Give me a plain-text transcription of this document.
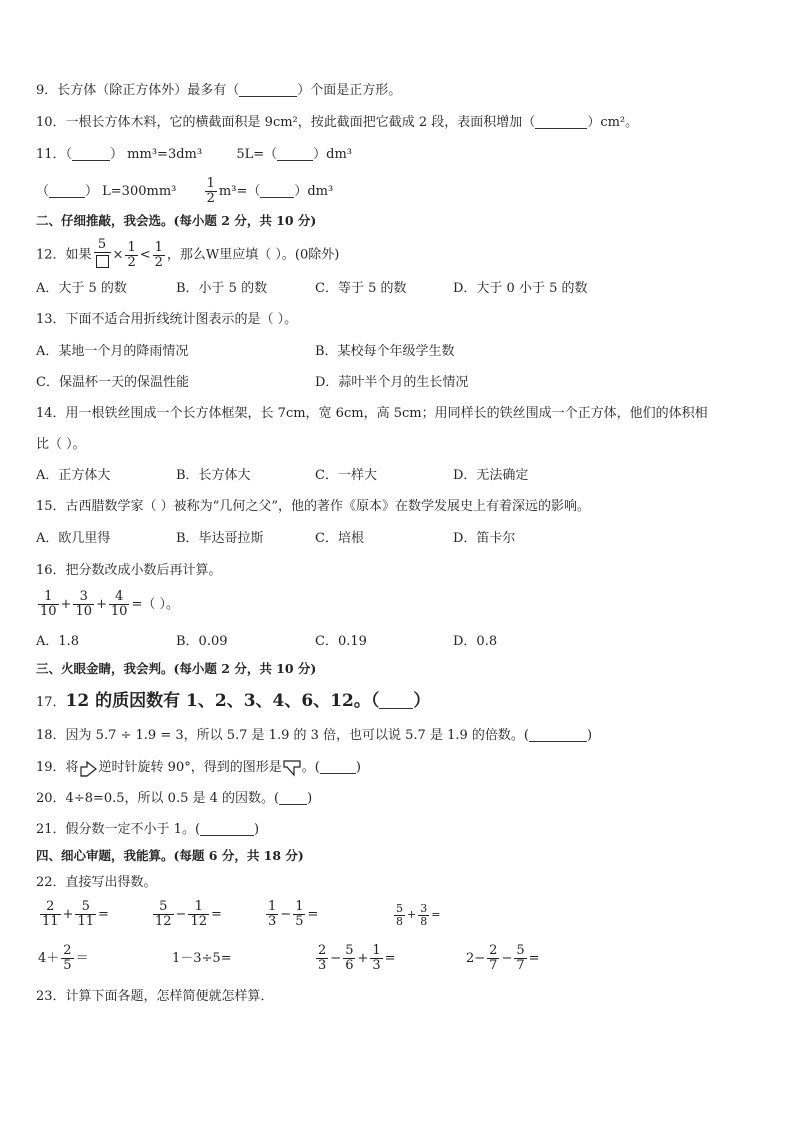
9．长方体（除正方体外）最多有（	）个面是正方形。
10．一根长方体木料，它的横截面积是 9cm²，按此截面把它截成 2 段，表面积增加（	）cm²。
11．（	） mm³=3dm³	5L=（	）dm³
（	） $L=300mm^3 \frac{1}{2} m^3=$（	）dm³
二、仔细推敲，我会选。(每小题 2 分，共 10 分)
12．如果
5
× $\frac{1}{2} < \frac{1}{2}$ ，那么W里应填（ ）。(0除外)
A．大于 5 的数	B．小于 5 的数	C．等于 5 的数	D．大于 0 小于 5 的数
13．下面不适合用折线统计图表示的是（ ）。
A．某地一个月的降雨情况	B．某校每个年级学生数
C．保温杯一天的保温性能	D．蒜叶半个月的生长情况
14．用一根铁丝围成一个长方体框架，长 7cm，宽 6cm，高 5cm；用同样长的铁丝围成一个正方体，他们的体积相
比（ ）。
A．正方体大	B．长方体大	C．一样大	D．无法确定
15．古西腊数学家（ ）被称为“几何之父”，他的著作《原本》在数学发展史上有着深远的影响。
A．欧几里得	B．毕达哥拉斯	C．培根	D．笛卡尔
16．把分数改成小数后再计算。
$\frac{1}{10} + \frac{3}{10} + \frac{4}{10}$ =（ ）。
A．1.8	B．0.09	C．0.19	D．0.8
三、火眼金睛，我会判。(每小题 2 分，共 10 分)
17．12 的质因数有 1、2、3、4、6、12。（ ）
18．因为 5.7 ÷ 1.9 = 3，所以 5.7 是 1.9 的 3 倍，也可以说 5.7 是 1.9 的倍数。(	)
19．将 逆时针旋转 90°，得到的图形是 。(	)
20．4÷8=0.5，所以 0.5 是 4 的因数。( )
21．假分数一定不小于 1。(	)
四、细心审题，我能算。(每题 6 分，共 18 分)
22．直接写出得数。
$\frac{2}{11} + \frac{5}{11}$ =	$\frac{5}{12} - \frac{1}{12}$ =	$\frac{1}{3} - \frac{1}{5}$ =	$\frac{5}{8} + \frac{3}{8}$ =
$4+ \frac{2}{5}$ ＝	1－3÷5=	$\frac{2}{3} - \frac{5}{6} + \frac{1}{3}$ =	$2- \frac{2}{7} - \frac{5}{7}$ =
23．计算下面各题，怎样简便就怎样算．
